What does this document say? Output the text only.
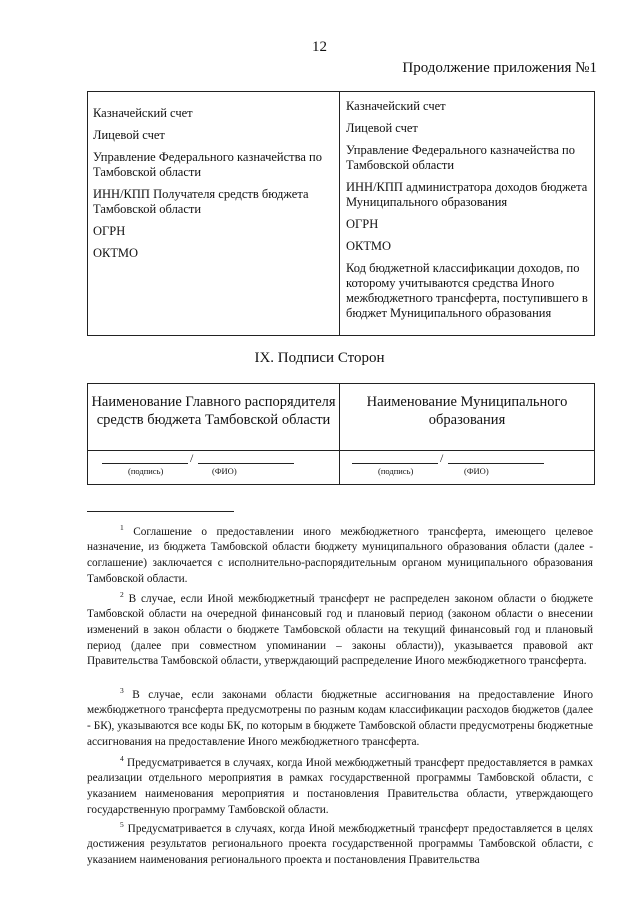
12
Продолжение приложения №1
Казначейский счет
Лицевой счет
Управление Федерального казначейства по Тамбовской области
ИНН/КПП Получателя средств бюджета Тамбовской области
ОГРН
ОКТМО
Казначейский счет
Лицевой счет
Управление Федерального казначейства по Тамбовской области
ИНН/КПП администратора доходов бюджета Муниципального образования
ОГРН
ОКТМО
Код бюджетной классификации доходов, по которому учитываются средства Иного межбюджетного трансферта, поступившего в бюджет Муниципального образования
IX. Подписи Сторон
Наименование Главного распорядителя средств бюджета Тамбовской области
Наименование Муниципального образования
/
(подпись)	(ФИО)
/
(подпись)	(ФИО)
$^1$ Соглашение о предоставлении иного межбюджетного трансферта, имеющего целевое назначение, из бюджета Тамбовской области бюджету муниципального образования области (далее - соглашение) заключается с исполнительно-распорядительным органом муниципального образования Тамбовской области.
$^2$ В случае, если Иной межбюджетный трансферт не распределен законом области о бюджете Тамбовской области на очередной финансовый год и плановый период (законом области о внесении изменений в закон области о бюджете Тамбовской области на текущий финансовый год и плановый период (далее при совместном упоминании – законы области)), указывается правовой акт Правительства Тамбовской области, утверждающий распределение Иного межбюджетного трансферта.
$^3$ В случае, если законами области бюджетные ассигнования на предоставление Иного межбюджетного трансферта предусмотрены по разным кодам классификации расходов бюджетов (далее - БК), указываются все коды БК, по которым в бюджете Тамбовской области предусмотрены бюджетные ассигнования на предоставление Иного межбюджетного трансферта.
$^4$ Предусматривается в случаях, когда Иной межбюджетный трансферт предоставляется в рамках реализации отдельного мероприятия в рамках государственной программы Тамбовской области, с указанием наименования мероприятия и постановления Правительства области, утверждающего государственную программу Тамбовской области.
$^5$ Предусматривается в случаях, когда Иной межбюджетный трансферт предоставляется в целях достижения результатов регионального проекта государственной программы Тамбовской области, с указанием наименования регионального проекта и постановления Правительства
